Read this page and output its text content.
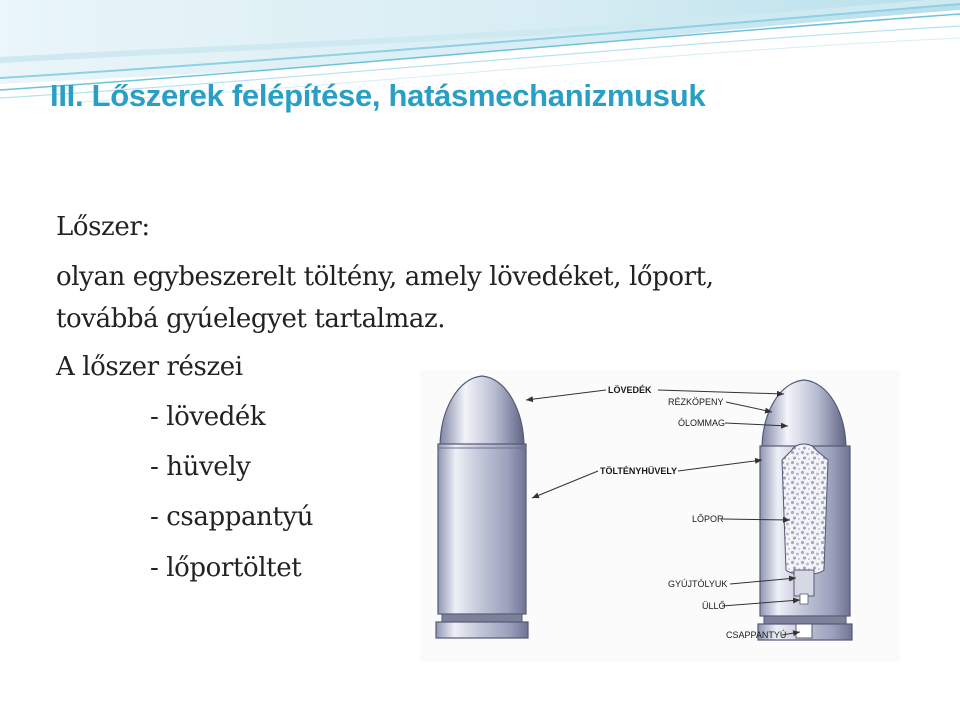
III. Lőszerek felépítése, hatásmechanizmusuk

Lőszer:

olyan egybeszerelt töltény, amely lövedéket, lőport,

továbbá gyúelegyet tartalmaz.

A lőszer részei

- lövedék
- hüvely
- csappantyú
- lőportöltet
LÖVEDÉK
RÉZKÖPENY
ÓLOMMAG
TÖLTÉNYHÜVELY
LŐPOR
GYÚJTÓLYUK
ÜLLŐ
CSAPPANTYÚ
